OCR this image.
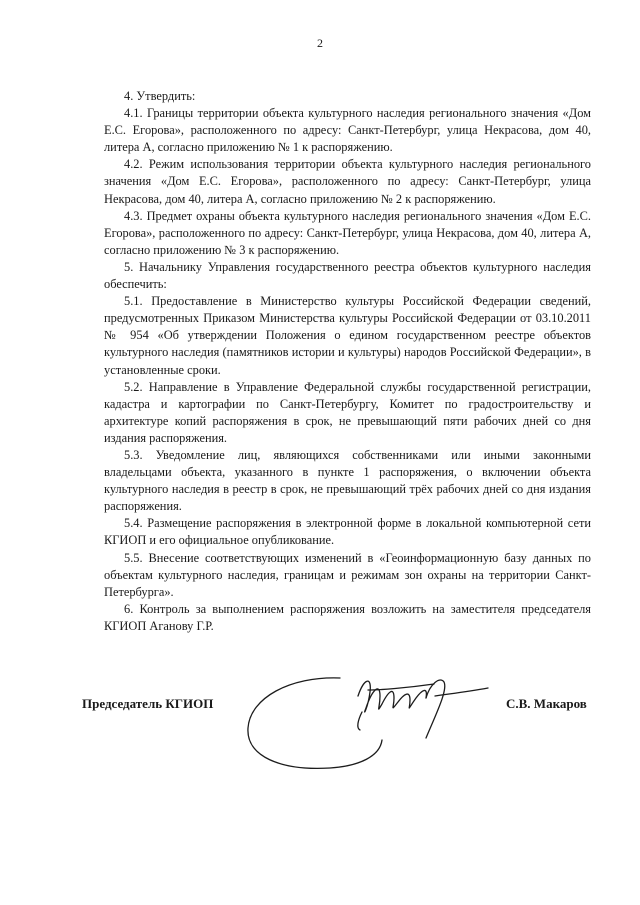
2

4. Утвердить:

4.1. Границы территории объекта культурного наследия регионального значения «Дом Е.С. Егорова», расположенного по адресу: Санкт-Петербург, улица Некрасова, дом 40, литера А, согласно приложению № 1 к распоряжению.

4.2. Режим использования территории объекта культурного наследия регионального значения «Дом Е.С. Егорова», расположенного по адресу: Санкт-Петербург, улица Некрасова, дом 40, литера А, согласно приложению № 2 к распоряжению.

4.3. Предмет охраны объекта культурного наследия регионального значения «Дом Е.С. Егорова», расположенного по адресу: Санкт-Петербург, улица Некрасова, дом 40, литера А, согласно приложению № 3 к распоряжению.

5. Начальнику Управления государственного реестра объектов культурного наследия обеспечить:

5.1. Предоставление в Министерство культуры Российской Федерации сведений, предусмотренных Приказом Министерства культуры Российской Федерации от 03.10.2011 № 954 «Об утверждении Положения о едином государственном реестре объектов культурного наследия (памятников истории и культуры) народов Российской Федерации», в установленные сроки.

5.2. Направление в Управление Федеральной службы государственной регистрации, кадастра и картографии по Санкт-Петербургу, Комитет по градостроительству и архитектуре копий распоряжения в срок, не превышающий пяти рабочих дней со дня издания распоряжения.

5.3. Уведомление лиц, являющихся собственниками или иными законными владельцами объекта, указанного в пункте 1 распоряжения, о включении объекта культурного наследия в реестр в срок, не превышающий трёх рабочих дней со дня издания распоряжения.

5.4. Размещение распоряжения в электронной форме в локальной компьютерной сети КГИОП и его официальное опубликование.

5.5. Внесение соответствующих изменений в «Геоинформационную базу данных по объектам культурного наследия, границам и режимам зон охраны на территории Санкт-Петербурга».

6. Контроль за выполнением распоряжения возложить на заместителя председателя КГИОП Аганову Г.Р.

Председатель КГИОП	С.В. Макаров
